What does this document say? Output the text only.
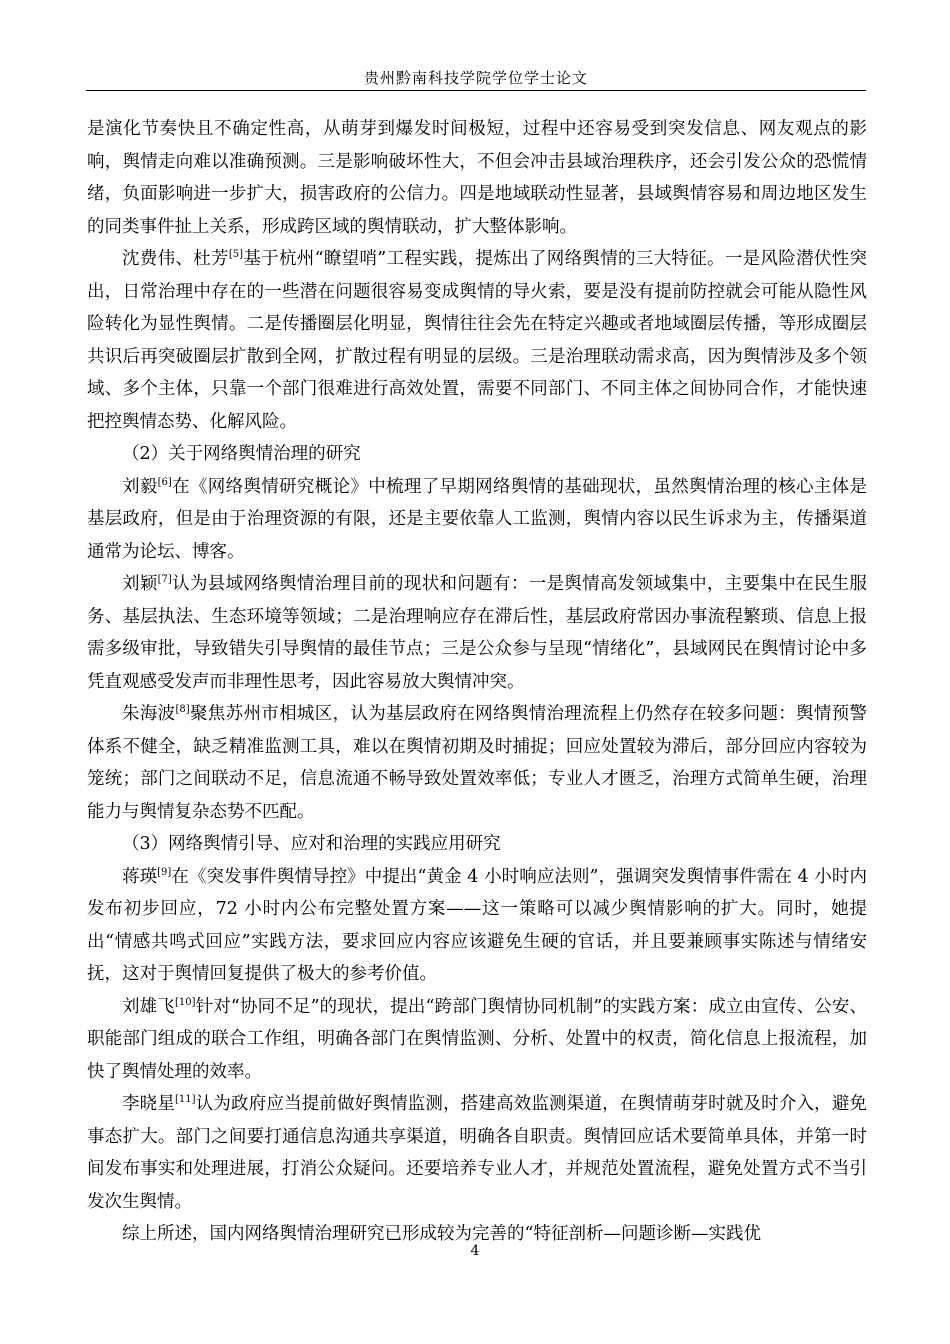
贵州黔南科技学院学位学士论文

是演化节奏快且不确定性高，从萌芽到爆发时间极短，过程中还容易受到突发信息、网友观点的影响，舆情走向难以准确预测。三是影响破坏性大，不但会冲击县域治理秩序，还会引发公众的恐慌情绪，负面影响进一步扩大，损害政府的公信力。四是地域联动性显著，县域舆情容易和周边地区发生的同类事件扯上关系，形成跨区域的舆情联动，扩大整体影响。

沈费伟、杜芳[5]基于杭州“瞭望哨”工程实践，提炼出了网络舆情的三大特征。一是风险潜伏性突出，日常治理中存在的一些潜在问题很容易变成舆情的导火索，要是没有提前防控就会可能从隐性风险转化为显性舆情。二是传播圈层化明显，舆情往往会先在特定兴趣或者地域圈层传播，等形成圈层共识后再突破圈层扩散到全网，扩散过程有明显的层级。三是治理联动需求高，因为舆情涉及多个领域、多个主体，只靠一个部门很难进行高效处置，需要不同部门、不同主体之间协同合作，才能快速把控舆情态势、化解风险。

（2）关于网络舆情治理的研究

刘毅[6]在《网络舆情研究概论》中梳理了早期网络舆情的基础现状，虽然舆情治理的核心主体是基层政府，但是由于治理资源的有限，还是主要依靠人工监测，舆情内容以民生诉求为主，传播渠道通常为论坛、博客。

刘颖[7]认为县域网络舆情治理目前的现状和问题有：一是舆情高发领域集中，主要集中在民生服务、基层执法、生态环境等领域；二是治理响应存在滞后性，基层政府常因办事流程繁琐、信息上报需多级审批，导致错失引导舆情的最佳节点；三是公众参与呈现“情绪化”，县域网民在舆情讨论中多凭直观感受发声而非理性思考，因此容易放大舆情冲突。

朱海波[8]聚焦苏州市相城区，认为基层政府在网络舆情治理流程上仍然存在较多问题：舆情预警体系不健全，缺乏精准监测工具，难以在舆情初期及时捕捉；回应处置较为滞后，部分回应内容较为笼统；部门之间联动不足，信息流通不畅导致处置效率低；专业人才匮乏，治理方式简单生硬，治理能力与舆情复杂态势不匹配。

（3）网络舆情引导、应对和治理的实践应用研究

蒋瑛[9]在《突发事件舆情导控》中提出“黄金 4 小时响应法则”，强调突发舆情事件需在 4 小时内发布初步回应，72 小时内公布完整处置方案——这一策略可以减少舆情影响的扩大。同时，她提出“情感共鸣式回应”实践方法，要求回应内容应该避免生硬的官话，并且要兼顾事实陈述与情绪安抚，这对于舆情回复提供了极大的参考价值。

刘雄飞[10]针对“协同不足”的现状，提出“跨部门舆情协同机制”的实践方案：成立由宣传、公安、职能部门组成的联合工作组，明确各部门在舆情监测、分析、处置中的权责，简化信息上报流程，加快了舆情处理的效率。

李晓星[11]认为政府应当提前做好舆情监测，搭建高效监测渠道，在舆情萌芽时就及时介入，避免事态扩大。部门之间要打通信息沟通共享渠道，明确各自职责。舆情回应话术要简单具体，并第一时间发布事实和处理进展，打消公众疑问。还要培养专业人才，并规范处置流程，避免处置方式不当引发次生舆情。

综上所述，国内网络舆情治理研究已形成较为完善的“特征剖析—问题诊断—实践优

4
